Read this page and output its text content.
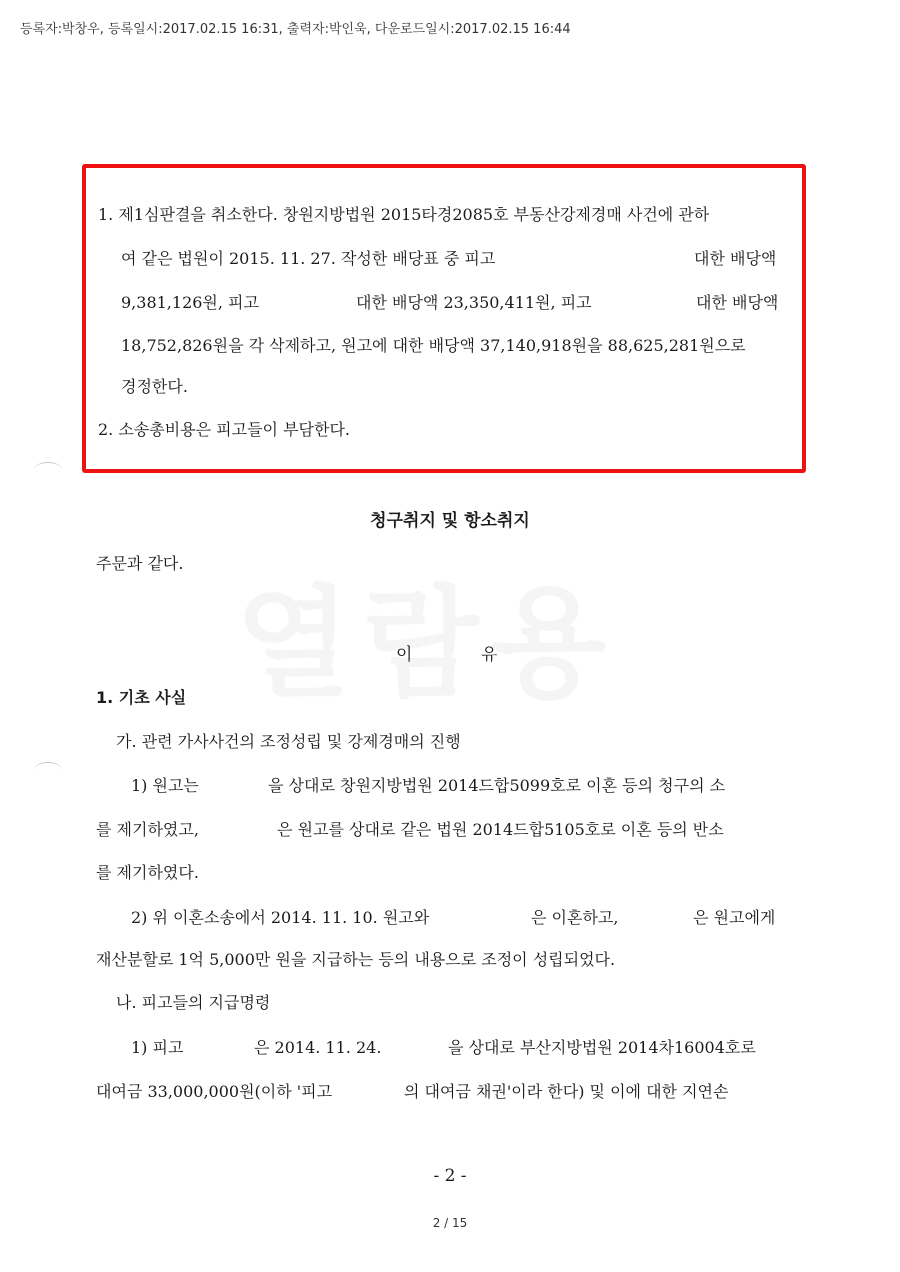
등록자:박창우, 등록일시:2017.02.15 16:31, 출력자:박인욱, 다운로드일시:2017.02.15 16:44
1. 제1심판결을 취소한다. 창원지방법원 2015타경2085호 부동산강제경매 사건에 관하
여 같은 법원이 2015. 11. 27. 작성한 배당표 중 피고	대한 배당액
9,381,126원, 피고	대한 배당액 23,350,411원, 피고	대한 배당액
18,752,826원을 각 삭제하고, 원고에 대한 배당액 37,140,918원을 88,625,281원으로
경정한다.
2. 소송총비용은 피고들이 부담한다.
청구취지 및 항소취지
주문과 같다.
이	유
1. 기초 사실
가. 관련 가사사건의 조정성립 및 강제경매의 진행
1) 원고는	을 상대로 창원지방법원 2014드합5099호로 이혼 등의 청구의 소
를 제기하였고,	은 원고를 상대로 같은 법원 2014드합5105호로 이혼 등의 반소
를 제기하였다.
2) 위 이혼소송에서 2014. 11. 10. 원고와	은 이혼하고,	은 원고에게
재산분할로 1억 5,000만 원을 지급하는 등의 내용으로 조정이 성립되었다.
나. 피고들의 지급명령
1) 피고	은 2014. 11. 24.	을 상대로 부산지방법원 2014차16004호로
대여금 33,000,000원(이하 '피고	의 대여금 채권'이라 한다) 및 이에 대한 지연손
- 2 -
2 / 15
